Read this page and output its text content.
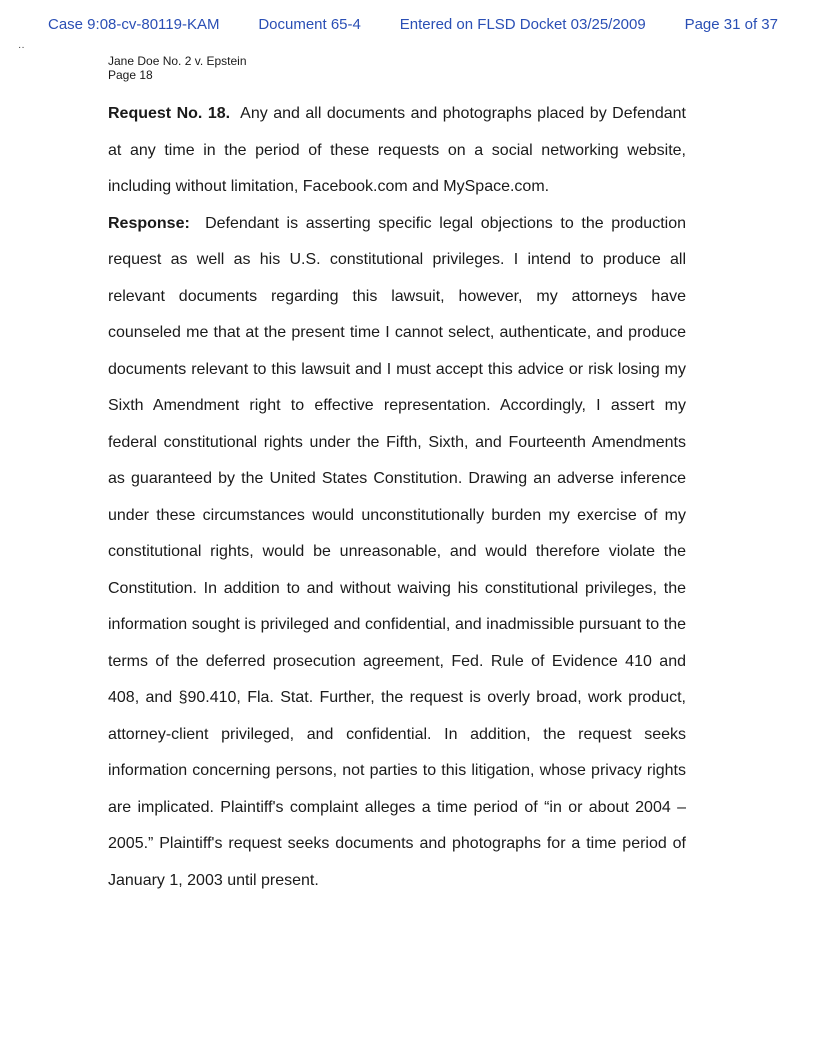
Case 9:08-cv-80119-KAM	Document 65-4	Entered on FLSD Docket 03/25/2009	Page 31 of 37
··
Jane Doe No. 2 v. Epstein
Page 18

Request No. 18. Any and all documents and photographs placed by Defendant at any time in the period of these requests on a social networking website, including without limitation, Facebook.com and MySpace.com.

Response: Defendant is asserting specific legal objections to the production request as well as his U.S. constitutional privileges. I intend to produce all relevant documents regarding this lawsuit, however, my attorneys have counseled me that at the present time I cannot select, authenticate, and produce documents relevant to this lawsuit and I must accept this advice or risk losing my Sixth Amendment right to effective representation. Accordingly, I assert my federal constitutional rights under the Fifth, Sixth, and Fourteenth Amendments as guaranteed by the United States Constitution. Drawing an adverse inference under these circumstances would unconstitutionally burden my exercise of my constitutional rights, would be unreasonable, and would therefore violate the Constitution. In addition to and without waiving his constitutional privileges, the information sought is privileged and confidential, and inadmissible pursuant to the terms of the deferred prosecution agreement, Fed. Rule of Evidence 410 and 408, and §90.410, Fla. Stat. Further, the request is overly broad, work product, attorney-client privileged, and confidential. In addition, the request seeks information concerning persons, not parties to this litigation, whose privacy rights are implicated. Plaintiff's complaint alleges a time period of “in or about 2004 – 2005.” Plaintiff's request seeks documents and photographs for a time period of January 1, 2003 until present.
